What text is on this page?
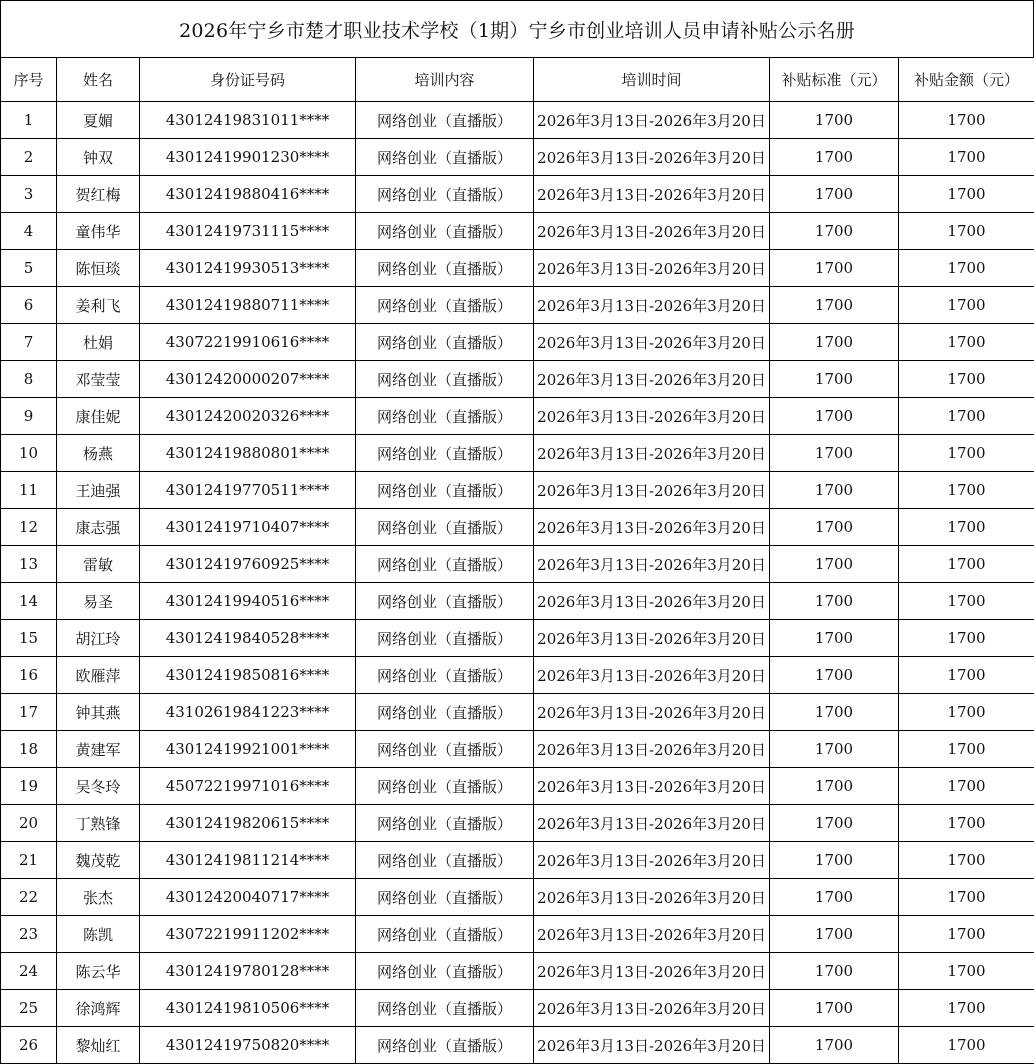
2026年宁乡市楚才职业技术学校（1期）宁乡市创业培训人员申请补贴公示名册
序号	姓名	身份证号码	培训内容	培训时间	补贴标准（元）	补贴金额（元）
1	夏媚	43012419831011****	网络创业（直播版）	2026年3月13日-2026年3月20日	1700	1700
2	钟双	43012419901230****	网络创业（直播版）	2026年3月13日-2026年3月20日	1700	1700
3	贺红梅	43012419880416****	网络创业（直播版）	2026年3月13日-2026年3月20日	1700	1700
4	童伟华	43012419731115****	网络创业（直播版）	2026年3月13日-2026年3月20日	1700	1700
5	陈恒琰	43012419930513****	网络创业（直播版）	2026年3月13日-2026年3月20日	1700	1700
6	姜利飞	43012419880711****	网络创业（直播版）	2026年3月13日-2026年3月20日	1700	1700
7	杜娟	43072219910616****	网络创业（直播版）	2026年3月13日-2026年3月20日	1700	1700
8	邓莹莹	43012420000207****	网络创业（直播版）	2026年3月13日-2026年3月20日	1700	1700
9	康佳妮	43012420020326****	网络创业（直播版）	2026年3月13日-2026年3月20日	1700	1700
10	杨燕	43012419880801****	网络创业（直播版）	2026年3月13日-2026年3月20日	1700	1700
11	王迪强	43012419770511****	网络创业（直播版）	2026年3月13日-2026年3月20日	1700	1700
12	康志强	43012419710407****	网络创业（直播版）	2026年3月13日-2026年3月20日	1700	1700
13	雷敏	43012419760925****	网络创业（直播版）	2026年3月13日-2026年3月20日	1700	1700
14	易圣	43012419940516****	网络创业（直播版）	2026年3月13日-2026年3月20日	1700	1700
15	胡江玲	43012419840528****	网络创业（直播版）	2026年3月13日-2026年3月20日	1700	1700
16	欧雁萍	43012419850816****	网络创业（直播版）	2026年3月13日-2026年3月20日	1700	1700
17	钟其燕	43102619841223****	网络创业（直播版）	2026年3月13日-2026年3月20日	1700	1700
18	黄建军	43012419921001****	网络创业（直播版）	2026年3月13日-2026年3月20日	1700	1700
19	吴冬玲	45072219971016****	网络创业（直播版）	2026年3月13日-2026年3月20日	1700	1700
20	丁熟锋	43012419820615****	网络创业（直播版）	2026年3月13日-2026年3月20日	1700	1700
21	魏茂乾	43012419811214****	网络创业（直播版）	2026年3月13日-2026年3月20日	1700	1700
22	张杰	43012420040717****	网络创业（直播版）	2026年3月13日-2026年3月20日	1700	1700
23	陈凯	43072219911202****	网络创业（直播版）	2026年3月13日-2026年3月20日	1700	1700
24	陈云华	43012419780128****	网络创业（直播版）	2026年3月13日-2026年3月20日	1700	1700
25	徐鸿辉	43012419810506****	网络创业（直播版）	2026年3月13日-2026年3月20日	1700	1700
26	黎灿红	43012419750820****	网络创业（直播版）	2026年3月13日-2026年3月20日	1700	1700
